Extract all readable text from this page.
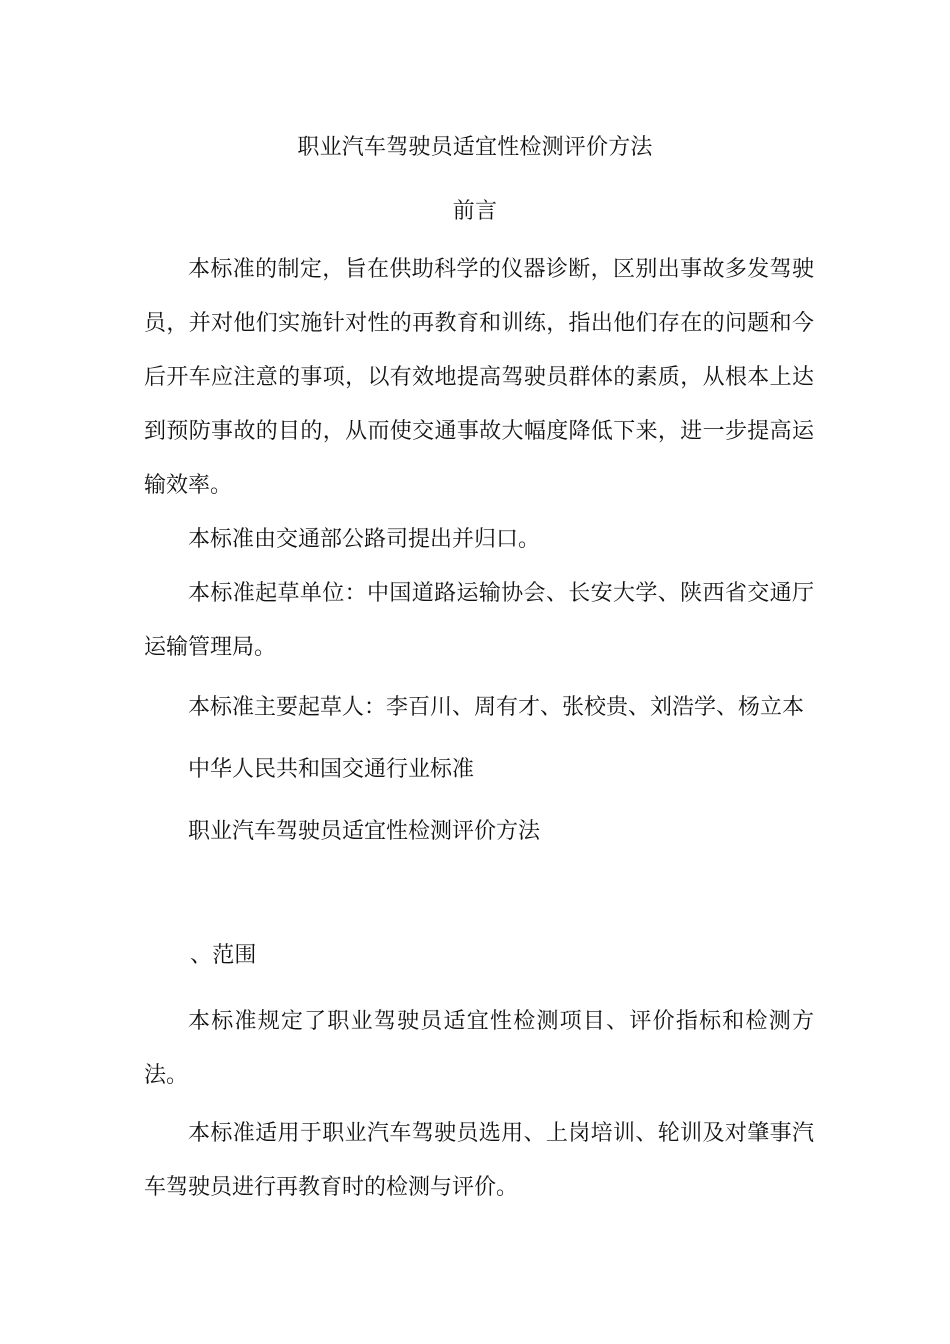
职业汽车驾驶员适宜性检测评价方法
前言
本标准的制定，旨在供助科学的仪器诊断，区别出事故多发驾驶员，并对他们实施针对性的再教育和训练，指出他们存在的问题和今后开车应注意的事项，以有效地提高驾驶员群体的素质，从根本上达到预防事故的目的，从而使交通事故大幅度降低下来，进一步提高运输效率。
本标准由交通部公路司提出并归口。
本标准起草单位：中国道路运输协会、长安大学、陕西省交通厅运输管理局。
本标准主要起草人：李百川、周有才、张校贵、刘浩学、杨立本
中华人民共和国交通行业标准
职业汽车驾驶员适宜性检测评价方法
、范围
本标准规定了职业驾驶员适宜性检测项目、评价指标和检测方法。
本标准适用于职业汽车驾驶员选用、上岗培训、轮训及对肇事汽车驾驶员进行再教育时的检测与评价。
